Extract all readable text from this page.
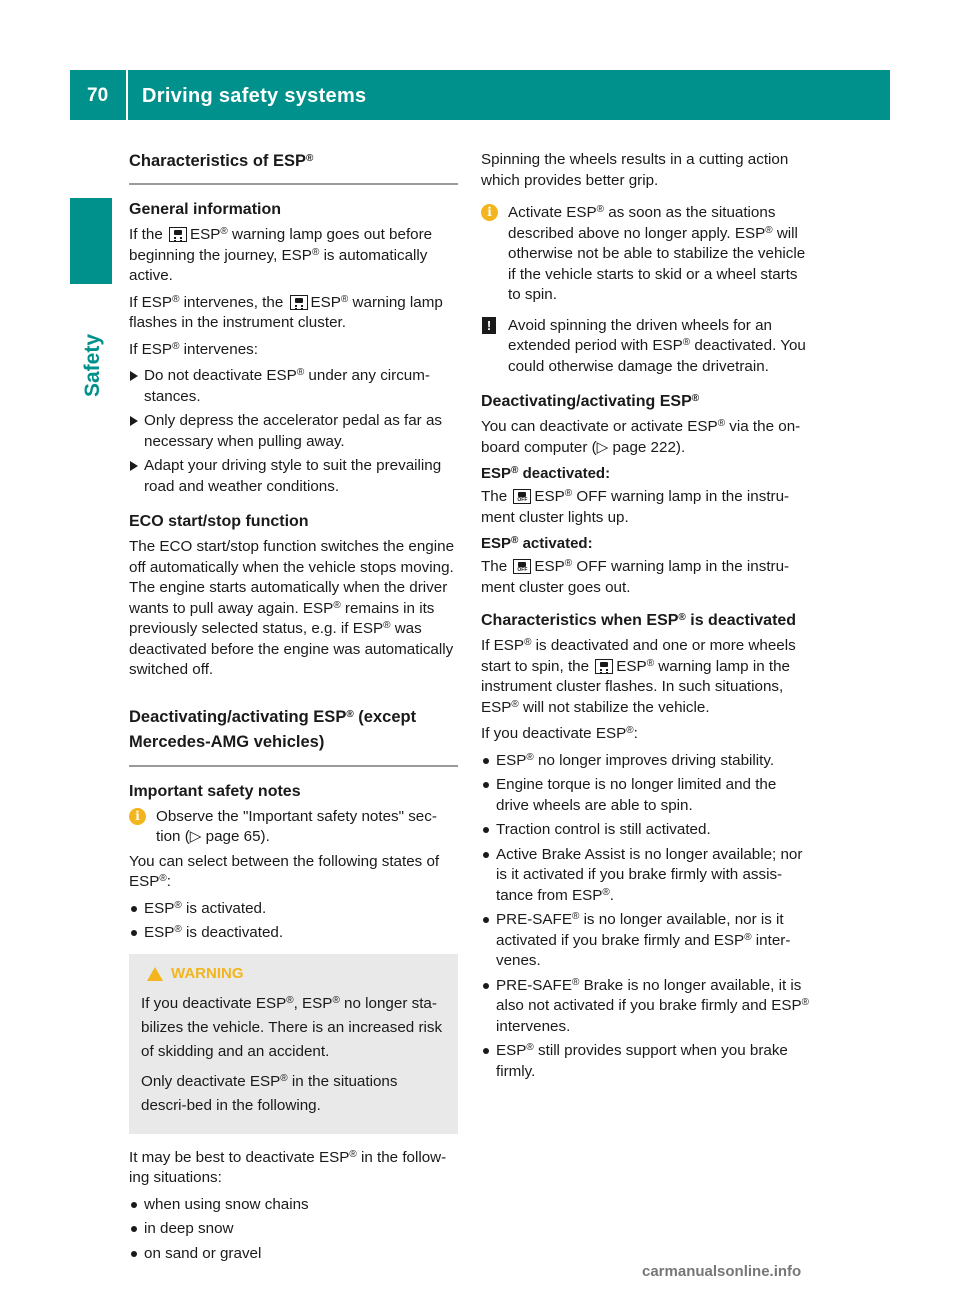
70 Driving safety systems
Safety
Characteristics of ESP®
General information

If the ESP® warning lamp goes out before beginning the journey, ESP® is automatically active.

If ESP® intervenes, the ESP® warning lamp flashes in the instrument cluster.

If ESP® intervenes:

Do not deactivate ESP® under any circum-stances.
Only depress the accelerator pedal as far as necessary when pulling away.
Adapt your driving style to suit the prevailing road and weather conditions.
ECO start/stop function

The ECO start/stop function switches the engine off automatically when the vehicle stops moving. The engine starts automatically when the driver wants to pull away again. ESP® remains in its previously selected status, e.g. if ESP® was deactivated before the engine was automatically switched off.

Deactivating/activating ESP® (except Mercedes-AMG vehicles)
Important safety notes
i	Observe the "Important safety notes" sec-tion (▷ page 65).

You can select between the following states of ESP®:

ESP® is activated.
ESP® is deactivated.
WARNING

If you deactivate ESP®, ESP® no longer sta-bilizes the vehicle. There is an increased risk of skidding and an accident.

Only deactivate ESP® in the situations descri-bed in the following.

It may be best to deactivate ESP® in the follow-ing situations:

when using snow chains
in deep snow
on sand or gravel

Spinning the wheels results in a cutting action which provides better grip.

i	Activate ESP® as soon as the situations described above no longer apply. ESP® will otherwise not be able to stabilize the vehicle if the vehicle starts to skid or a wheel starts to spin.
!	Avoid spinning the driven wheels for an extended period with ESP® deactivated. You could otherwise damage the drivetrain.
Deactivating/activating ESP®

You can deactivate or activate ESP® via the on-board computer (▷ page 222).

ESP® deactivated:

The OFF ESP® OFF warning lamp in the instru-ment cluster lights up.

ESP® activated:

The OFF ESP® OFF warning lamp in the instru-ment cluster goes out.

Characteristics when ESP® is deactivated

If ESP® is deactivated and one or more wheels start to spin, the ESP® warning lamp in the instrument cluster flashes. In such situations, ESP® will not stabilize the vehicle.

If you deactivate ESP®:

ESP® no longer improves driving stability.
Engine torque is no longer limited and the drive wheels are able to spin.
Traction control is still activated.
Active Brake Assist is no longer available; nor is it activated if you brake firmly with assis-tance from ESP®.
PRE-SAFE® is no longer available, nor is it activated if you brake firmly and ESP® inter-venes.
PRE-SAFE® Brake is no longer available, it is also not activated if you brake firmly and ESP® intervenes.
ESP® still provides support when you brake firmly.
carmanualsonline.info
